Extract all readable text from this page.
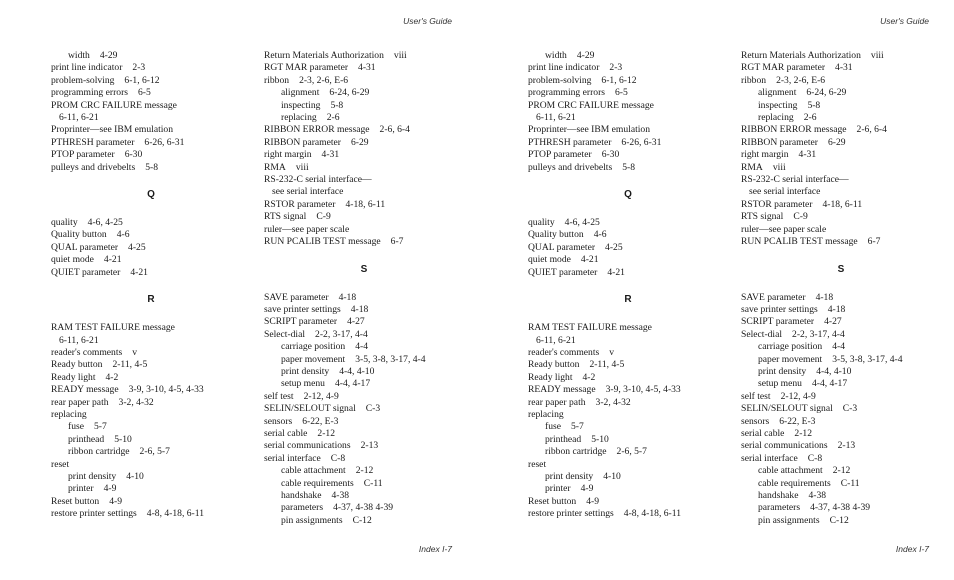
User's Guide
width 4-29
print line indicator 2-3
problem-solving 6-1, 6-12
programming errors 6-5
PROM CRC FAILURE message
6-11, 6-21
Proprinter—see IBM emulation
PTHRESH parameter 6-26, 6-31
PTOP parameter 6-30
pulleys and drivebelts 5-8
Q
quality 4-6, 4-25
Quality button 4-6
QUAL parameter 4-25
quiet mode 4-21
QUIET parameter 4-21
R
RAM TEST FAILURE message
6-11, 6-21
reader's comments v
Ready button 2-11, 4-5
Ready light 4-2
READY message 3-9, 3-10, 4-5, 4-33
rear paper path 3-2, 4-32
replacing
fuse 5-7
printhead 5-10
ribbon cartridge 2-6, 5-7
reset
print density 4-10
printer 4-9
Reset button 4-9
restore printer settings 4-8, 4-18, 6-11
Return Materials Authorization viii
RGT MAR parameter 4-31
ribbon 2-3, 2-6, E-6
alignment 6-24, 6-29
inspecting 5-8
replacing 2-6
RIBBON ERROR message 2-6, 6-4
RIBBON parameter 6-29
right margin 4-31
RMA viii
RS-232-C serial interface—
see serial interface
RSTOR parameter 4-18, 6-11
RTS signal C-9
ruler—see paper scale
RUN PCALIB TEST message 6-7
S
SAVE parameter 4-18
save printer settings 4-18
SCRIPT parameter 4-27
Select-dial 2-2, 3-17, 4-4
carriage position 4-4
paper movement 3-5, 3-8, 3-17, 4-4
print density 4-4, 4-10
setup menu 4-4, 4-17
self test 2-12, 4-9
SELIN/SELOUT signal C-3
sensors 6-22, E-3
serial cable 2-12
serial communications 2-13
serial interface C-8
cable attachment 2-12
cable requirements C-11
handshake 4-38
parameters 4-37, 4-38 4-39
pin assignments C-12
Index I-7
User's Guide
width 4-29
print line indicator 2-3
problem-solving 6-1, 6-12
programming errors 6-5
PROM CRC FAILURE message
6-11, 6-21
Proprinter—see IBM emulation
PTHRESH parameter 6-26, 6-31
PTOP parameter 6-30
pulleys and drivebelts 5-8
Q
quality 4-6, 4-25
Quality button 4-6
QUAL parameter 4-25
quiet mode 4-21
QUIET parameter 4-21
R
RAM TEST FAILURE message
6-11, 6-21
reader's comments v
Ready button 2-11, 4-5
Ready light 4-2
READY message 3-9, 3-10, 4-5, 4-33
rear paper path 3-2, 4-32
replacing
fuse 5-7
printhead 5-10
ribbon cartridge 2-6, 5-7
reset
print density 4-10
printer 4-9
Reset button 4-9
restore printer settings 4-8, 4-18, 6-11
Return Materials Authorization viii
RGT MAR parameter 4-31
ribbon 2-3, 2-6, E-6
alignment 6-24, 6-29
inspecting 5-8
replacing 2-6
RIBBON ERROR message 2-6, 6-4
RIBBON parameter 6-29
right margin 4-31
RMA viii
RS-232-C serial interface—
see serial interface
RSTOR parameter 4-18, 6-11
RTS signal C-9
ruler—see paper scale
RUN PCALIB TEST message 6-7
S
SAVE parameter 4-18
save printer settings 4-18
SCRIPT parameter 4-27
Select-dial 2-2, 3-17, 4-4
carriage position 4-4
paper movement 3-5, 3-8, 3-17, 4-4
print density 4-4, 4-10
setup menu 4-4, 4-17
self test 2-12, 4-9
SELIN/SELOUT signal C-3
sensors 6-22, E-3
serial cable 2-12
serial communications 2-13
serial interface C-8
cable attachment 2-12
cable requirements C-11
handshake 4-38
parameters 4-37, 4-38 4-39
pin assignments C-12
Index I-7
